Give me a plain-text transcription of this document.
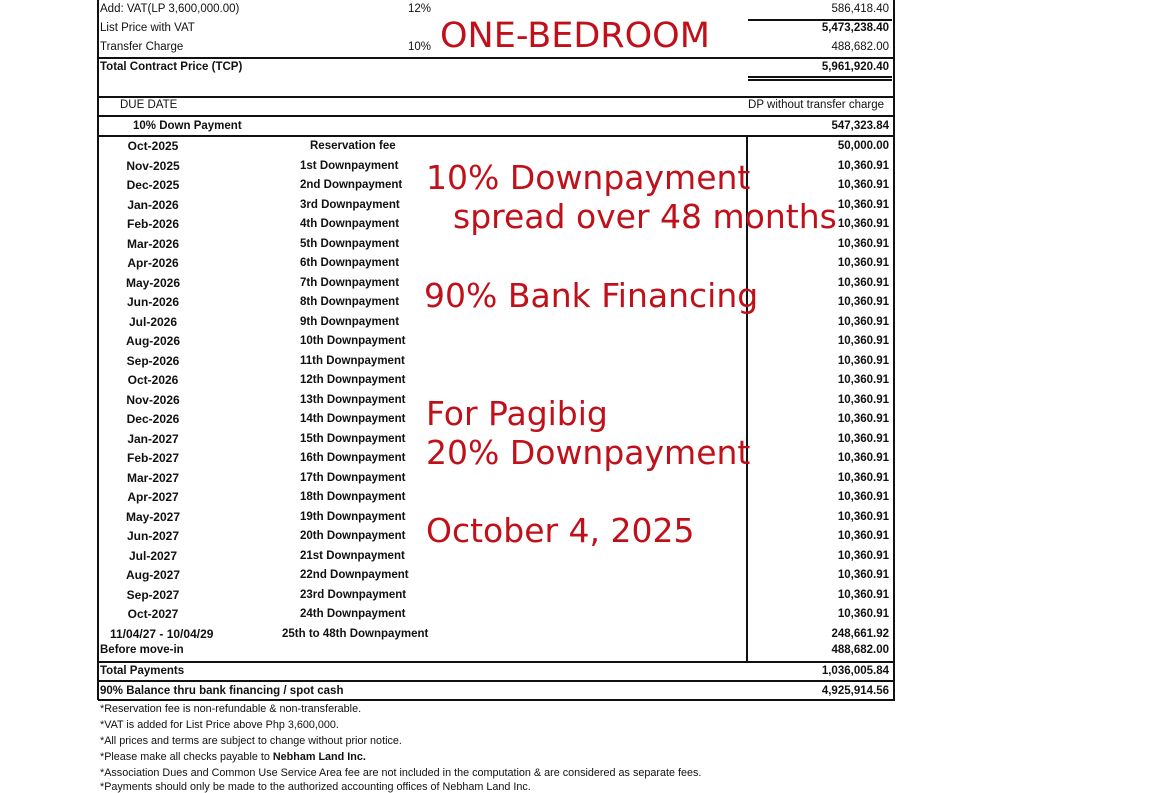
Add: VAT(LP 3,600,000.00)	12%	586,418.40
List Price with VAT	5,473,238.40
Transfer Charge	10%	488,682.00
Total Contract Price (TCP)	5,961,920.40
DUE DATE	DP without transfer charge
10% Down Payment	547,323.84
Oct-2025	Reservation fee	50,000.00
Nov-2025	1st Downpayment	10,360.91
Dec-2025	2nd Downpayment	10,360.91
Jan-2026	3rd Downpayment	10,360.91
Feb-2026	4th Downpayment	10,360.91
Mar-2026	5th Downpayment	10,360.91
Apr-2026	6th Downpayment	10,360.91
May-2026	7th Downpayment	10,360.91
Jun-2026	8th Downpayment	10,360.91
Jul-2026	9th Downpayment	10,360.91
Aug-2026	10th Downpayment	10,360.91
Sep-2026	11th Downpayment	10,360.91
Oct-2026	12th Downpayment	10,360.91
Nov-2026	13th Downpayment	10,360.91
Dec-2026	14th Downpayment	10,360.91
Jan-2027	15th Downpayment	10,360.91
Feb-2027	16th Downpayment	10,360.91
Mar-2027	17th Downpayment	10,360.91
Apr-2027	18th Downpayment	10,360.91
May-2027	19th Downpayment	10,360.91
Jun-2027	20th Downpayment	10,360.91
Jul-2027	21st Downpayment	10,360.91
Aug-2027	22nd Downpayment	10,360.91
Sep-2027	23rd Downpayment	10,360.91
Oct-2027	24th Downpayment	10,360.91
11/04/27 - 10/04/29	25th to 48th Downpayment	248,661.92
Before move-in	488,682.00
Total Payments	1,036,005.84
90% Balance thru bank financing / spot cash	4,925,914.56
*Reservation fee is non-refundable & non-transferable.
*VAT is added for List Price above Php 3,600,000.
*All prices and terms are subject to change without prior notice.
*Please make all checks payable to Nebham Land Inc.
*Association Dues and Common Use Service Area fee are not included in the computation & are considered as separate fees.
*Payments should only be made to the authorized accounting offices of Nebham Land Inc.
ONE-BEDROOM
10% Downpayment
spread over 48 months
90% Bank Financing
For Pagibig
20% Downpayment
October 4, 2025
